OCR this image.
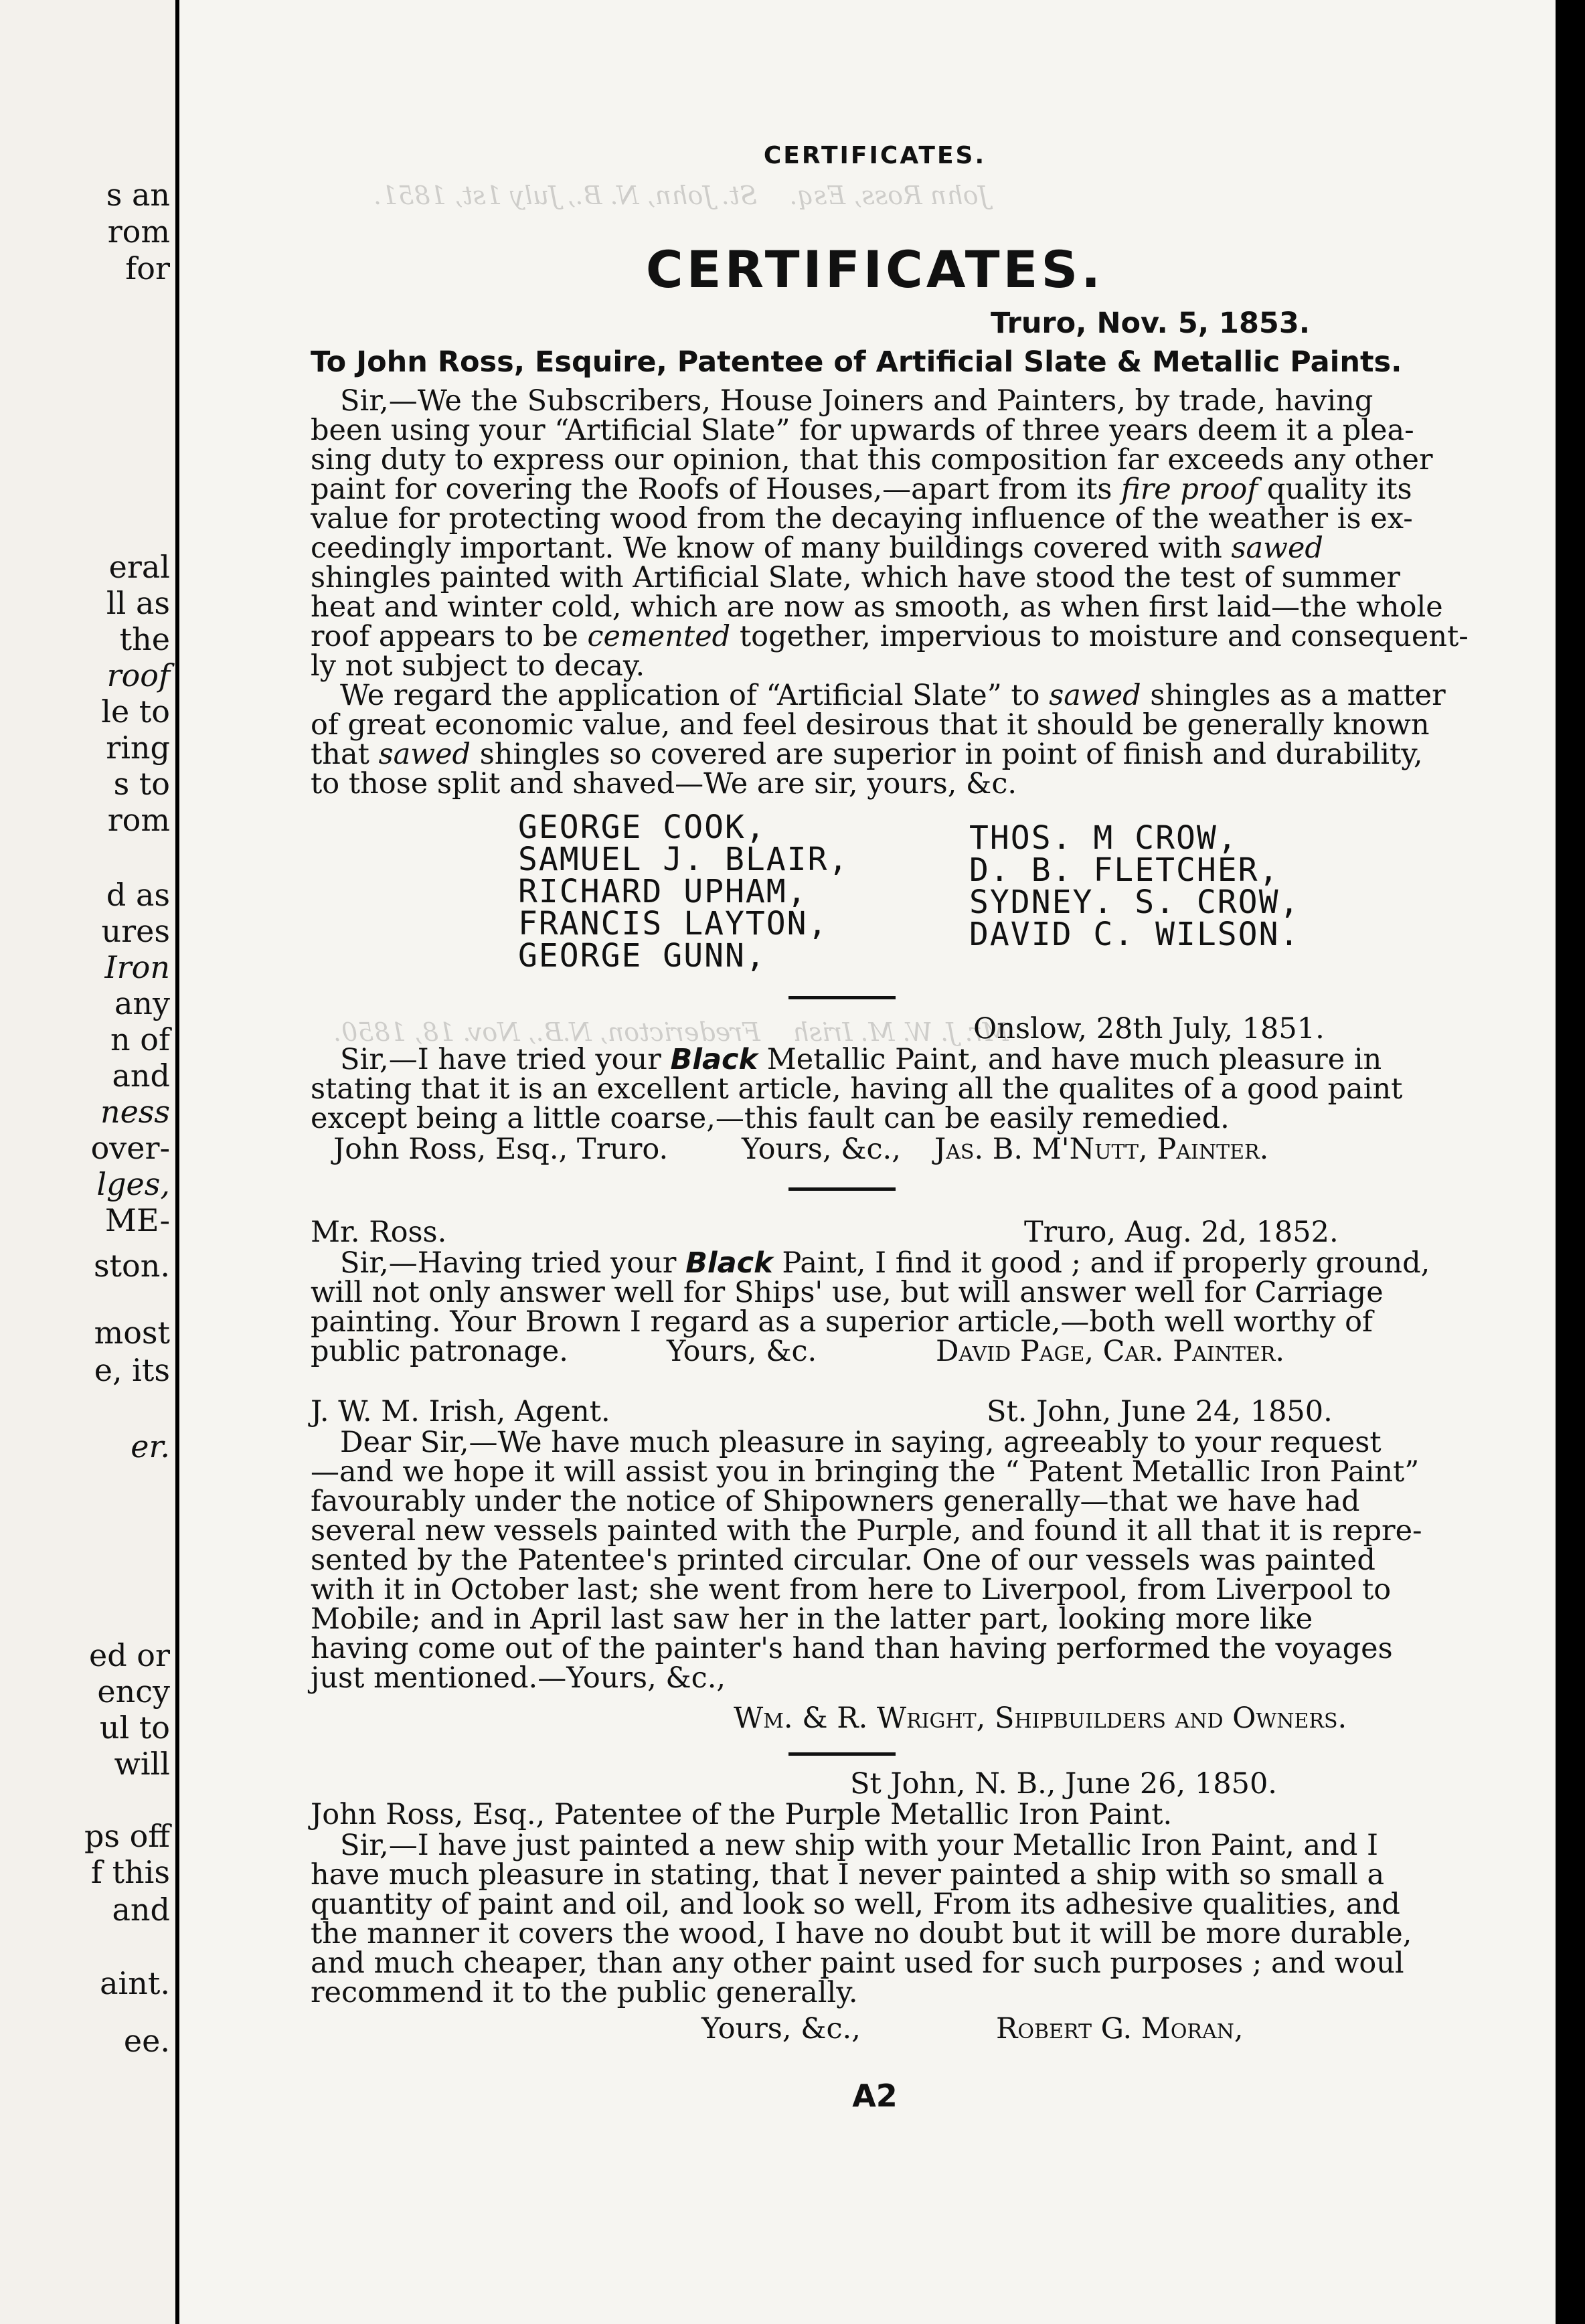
s an
rom
for
eral
ll as
the
roof
le to
ring
s to
rom
d as
ures
Iron
any
n of
and
ness
over-
lges,
ME-
ston.
most
e, its
er.
ed or
ency
ul to
will
ps off
f this
and
aint.
ee.
John Ross, Esq.    St. John, N. B., July 1st, 1851.
Mr. J. W. M. Irish    Fredericton, N.B., Nov. 18, 1850.
CERTIFICATES.
CERTIFICATES.
Truro, Nov. 5, 1853.
To John Ross, Esquire, Patentee of Artificial Slate & Metallic Paints.
Sir,—We the Subscribers, House Joiners and Painters, by trade, having
been using your “Artificial Slate” for upwards of three years deem it a plea-
sing duty to express our opinion, that this composition far exceeds any other
paint for covering the Roofs of Houses,—apart from its fire proof quality its
value for protecting wood from the decaying influence of the weather is ex-
ceedingly important. We know of many buildings covered with sawed
shingles painted with Artificial Slate, which have stood the test of summer
heat and winter cold, which are now as smooth, as when first laid—the whole
roof appears to be cemented together, impervious to moisture and consequent-
ly not subject to decay.
We regard the application of “Artificial Slate” to sawed shingles as a matter
of great economic value, and feel desirous that it should be generally known
that sawed shingles so covered are superior in point of finish and durability,
to those split and shaved—We are sir, yours, &c.
GEORGE COOK,
SAMUEL J. BLAIR,
RICHARD UPHAM,
FRANCIS LAYTON,
GEORGE GUNN,
THOS. M CROW,
D. B. FLETCHER,
SYDNEY. S. CROW,
DAVID C. WILSON.
Onslow, 28th July, 1851.
Sir,—I have tried your Black Metallic Paint, and have much pleasure in
stating that it is an excellent article, having all the qualites of a good paint
except being a little coarse,—this fault can be easily remedied.
John Ross, Esq., Truro.	Yours, &c., Jas. B. M'Nutt, Painter.
Mr. Ross.	Truro, Aug. 2d, 1852.
Sir,—Having tried your Black Paint, I find it good ; and if properly ground,
will not only answer well for Ships' use, but will answer well for Carriage
painting. Your Brown I regard as a superior article,—both well worthy of
public patronage.	Yours, &c.	David Page, Car. Painter.
J. W. M. Irish, Agent.	St. John, June 24, 1850.
Dear Sir,—We have much pleasure in saying, agreeably to your request
—and we hope it will assist you in bringing the “ Patent Metallic Iron Paint”
favourably under the notice of Shipowners generally—that we have had
several new vessels painted with the Purple, and found it all that it is repre-
sented by the Patentee's printed circular. One of our vessels was painted
with it in October last; she went from here to Liverpool, from Liverpool to
Mobile; and in April last saw her in the latter part, looking more like
having come out of the painter's hand than having performed the voyages
just mentioned.—Yours, &c.,
Wm. & R. Wright, Shipbuilders and Owners.
St John, N. B., June 26, 1850.
John Ross, Esq., Patentee of the Purple Metallic Iron Paint.
Sir,—I have just painted a new ship with your Metallic Iron Paint, and I
have much pleasure in stating, that I never painted a ship with so small a
quantity of paint and oil, and look so well, From its adhesive qualities, and
the manner it covers the wood, I have no doubt but it will be more durable,
and much cheaper, than any other paint used for such purposes ; and woul
recommend it to the public generally.
Yours, &c.,	Robert G. Moran,
A2
